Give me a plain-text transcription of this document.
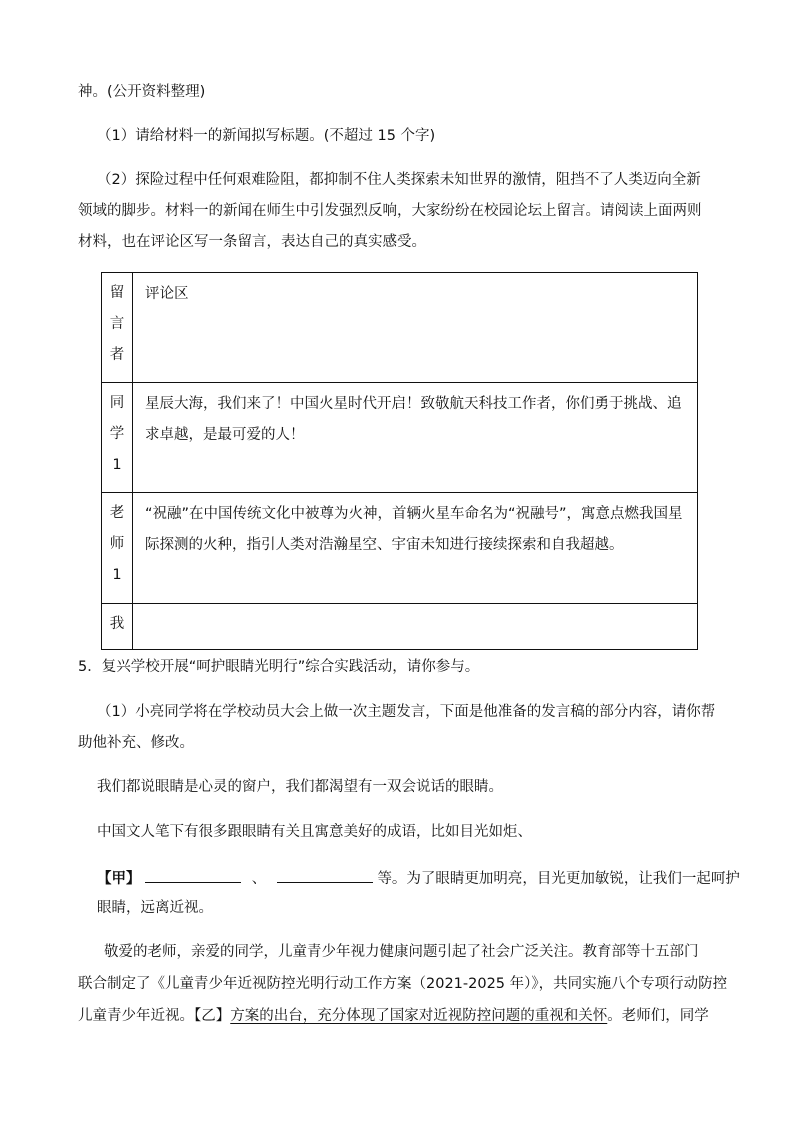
神。(公开资料整理)
（1）请给材料一的新闻拟写标题。(不超过 15 个字)
（2）探险过程中任何艰难险阻，都抑制不住人类探索未知世界的激情，阻挡不了人类迈向全新
领域的脚步。材料一的新闻在师生中引发强烈反响，大家纷纷在校园论坛上留言。请阅读上面两则
材料，也在评论区写一条留言，表达自己的真实感受。
留
言
者	评论区

同
学
1	星辰大海，我们来了！中国火星时代开启！致敬航天科技工作者，你们勇于挑战、追求卓越，是最可爱的人！

老
师
1	“祝融”在中国传统文化中被尊为火神，首辆火星车命名为“祝融号”，寓意点燃我国星际探测的火种，指引人类对浩瀚星空、宇宙未知进行接续探索和自我超越。

我	

5．复兴学校开展“呵护眼睛光明行”综合实践活动，请你参与。
（1）小亮同学将在学校动员大会上做一次主题发言，下面是他准备的发言稿的部分内容，请你帮
助他补充、修改。
我们都说眼睛是心灵的窗户，我们都渴望有一双会说话的眼睛。
中国文人笔下有很多跟眼睛有关且寓意美好的成语，比如目光如炬、
【甲】	、	等。为了眼睛更加明亮，目光更加敏锐，让我们一起呵护
眼睛，远离近视。
敬爱的老师，亲爱的同学，儿童青少年视力健康问题引起了社会广泛关注。教育部等十五部门
联合制定了《儿童青少年近视防控光明行动工作方案（2021-2025 年）》，共同实施八个专项行动防控
儿童青少年近视。【乙】方案的出台，充分体现了国家对近视防控问题的重视和关怀。老师们，同学
